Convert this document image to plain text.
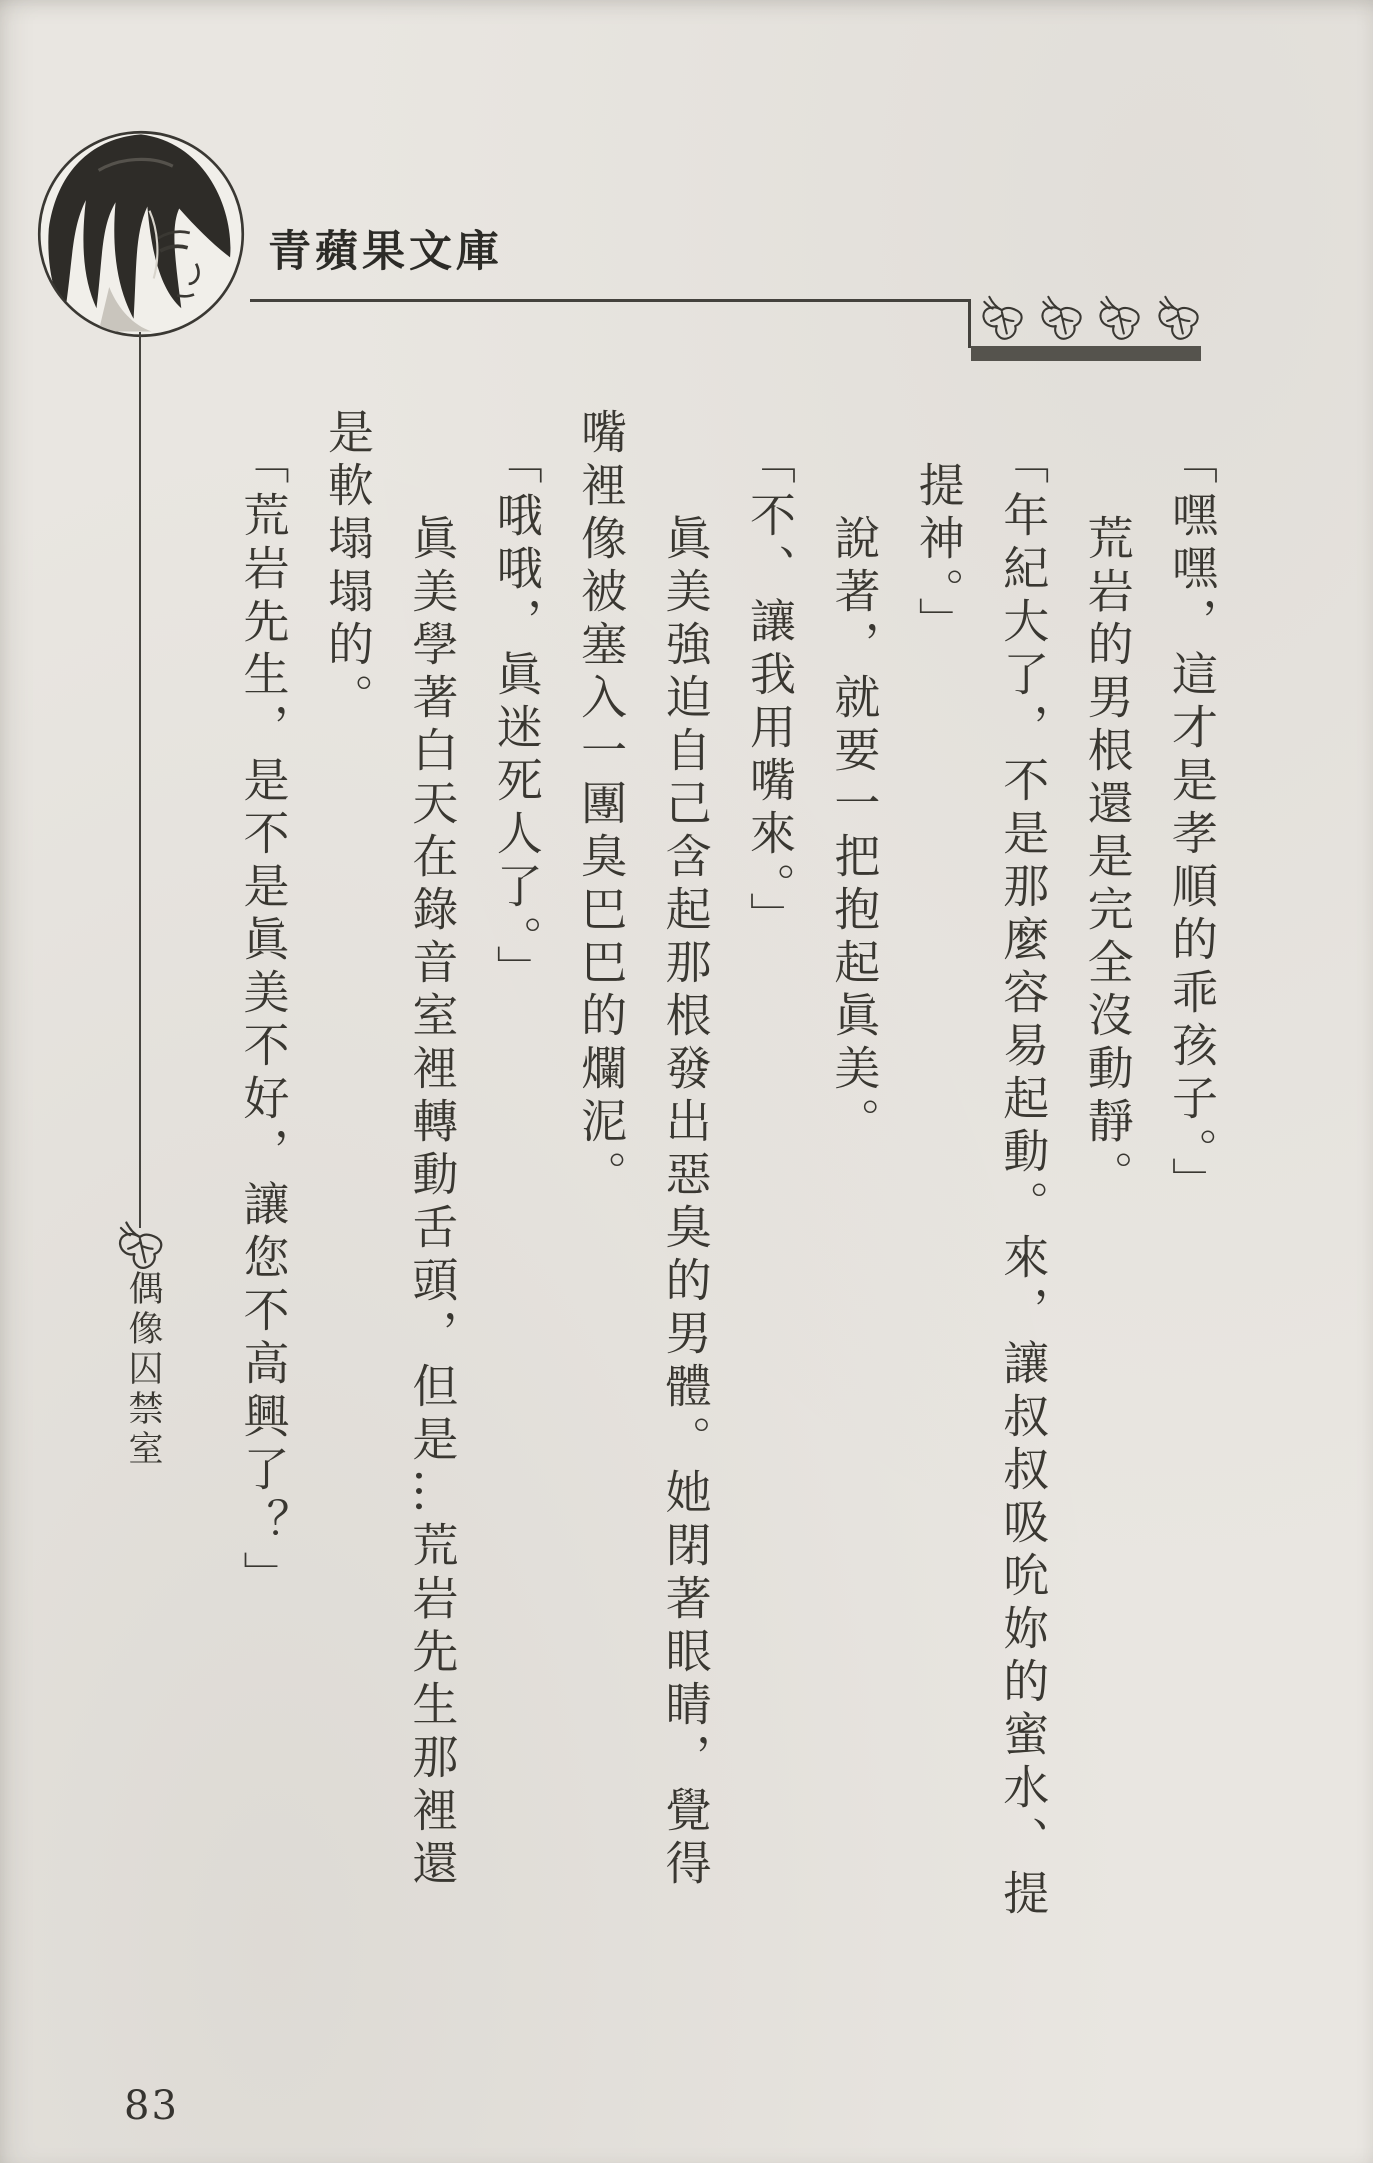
青蘋果文庫
偶像囚禁室
83

　「嘿嘿，這才是孝順的乖孩子。」

　　荒岩的男根還是完全沒動靜。

　「年紀大了，不是那麼容易起動。來，讓叔叔吸吮妳的蜜水、提

　提神。」

　　說著，就要一把抱起眞美。

　「不、讓我用嘴來。」

　　眞美強迫自己含起那根發出惡臭的男體。她閉著眼睛，覺得

嘴裡像被塞入一團臭巴巴的爛泥。

　「哦哦，眞迷死人了。」

　　眞美學著白天在錄音室裡轉動舌頭，但是…荒岩先生那裡還

是軟塌塌的。

　「荒岩先生，是不是眞美不好，讓您不高興了？」
